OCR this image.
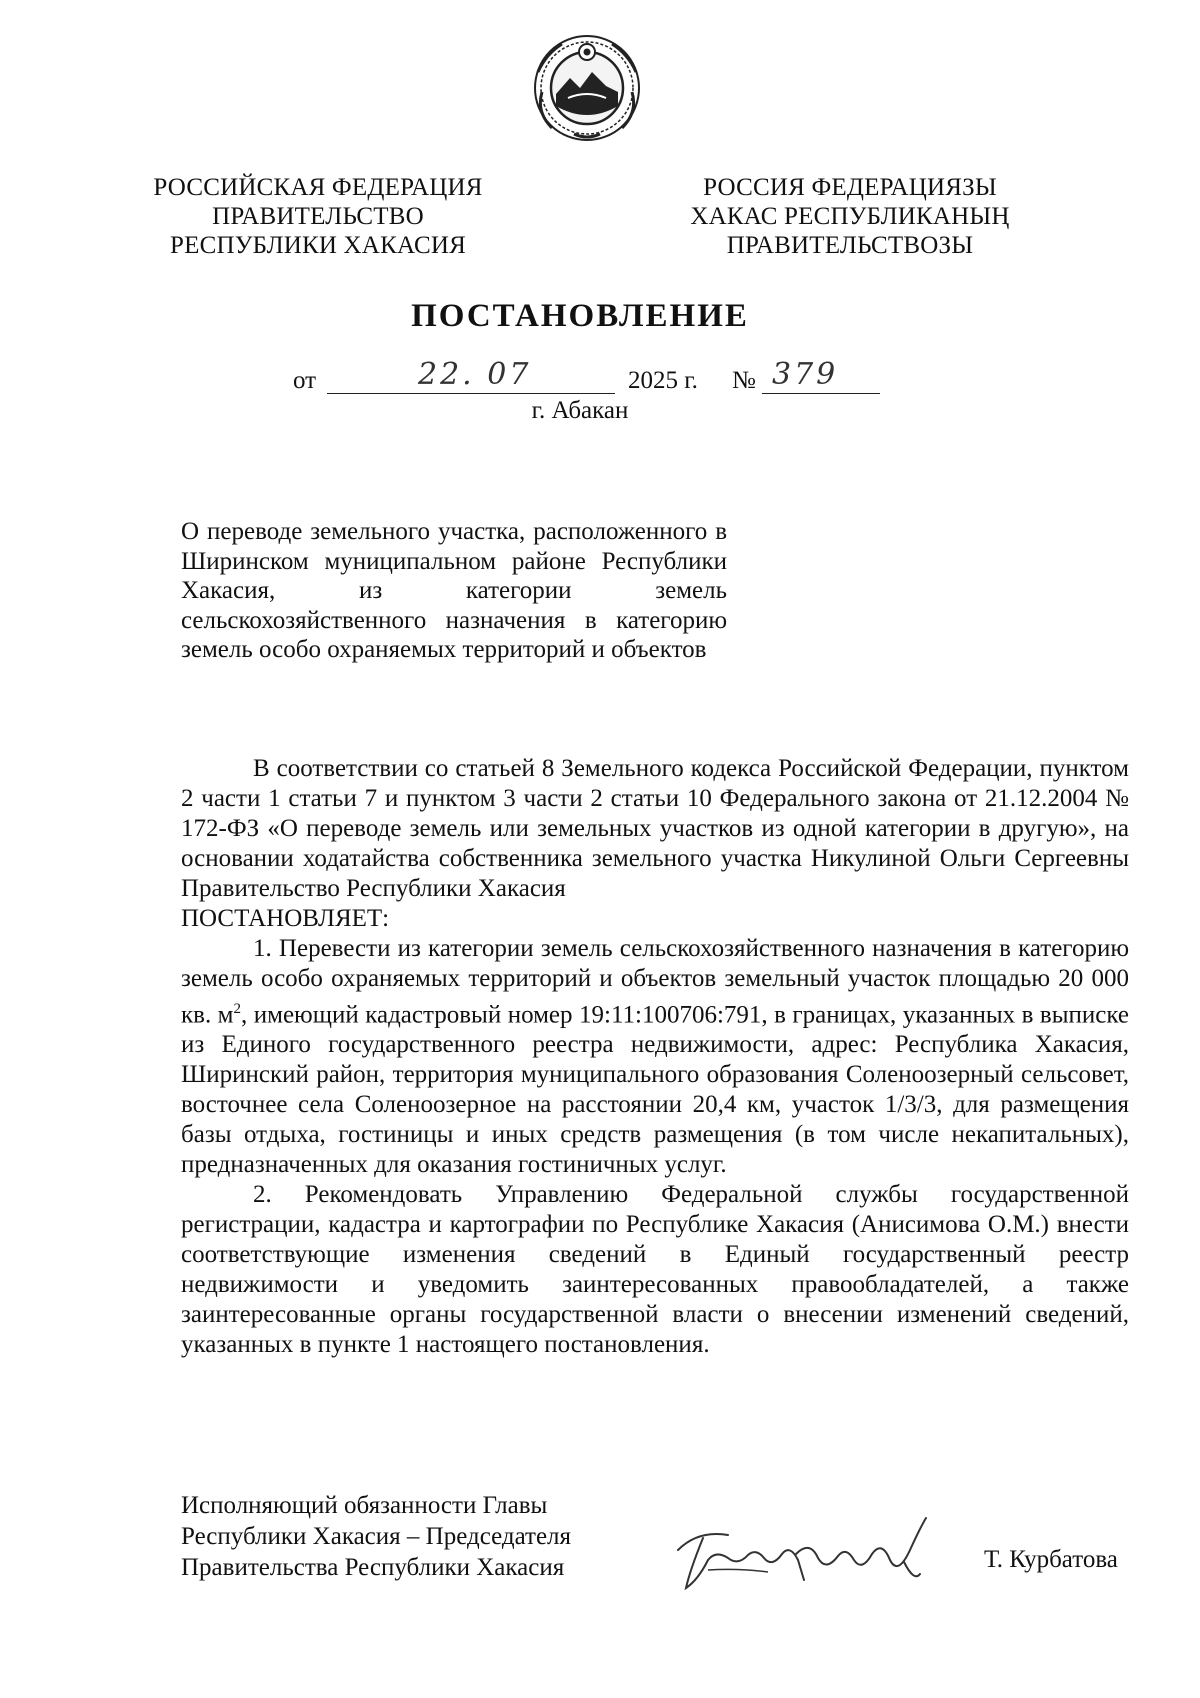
РОССИЙСКАЯ ФЕДЕРАЦИЯ
ПРАВИТЕЛЬСТВО
РЕСПУБЛИКИ ХАКАСИЯ
РОССИЯ ФЕДЕРАЦИЯЗЫ
ХАКАС РЕСПУБЛИКАНЫҢ
ПРАВИТЕЛЬСТВОЗЫ
ПОСТАНОВЛЕНИЕ
от	22. 07	2025 г. № 379
г. Абакан
О переводе земельного участка, расположенного в Ширинском муниципальном районе Республики Хакасия, из категории земель сельскохозяйственного назначения в категорию земель особо охраняемых территорий и объектов

В соответствии со статьей 8 Земельного кодекса Российской Федерации, пунктом 2 части 1 статьи 7 и пунктом 3 части 2 статьи 10 Федерального закона от 21.12.2004 № 172-ФЗ «О переводе земель или земельных участков из одной категории в другую», на основании ходатайства собственника земельного участка Никулиной Ольги Сергеевны Правительство Республики Хакасия
ПОСТАНОВЛЯЕТ:

1. Перевести из категории земель сельскохозяйственного назначения в категорию земель особо охраняемых территорий и объектов земельный участок площадью 20 000 кв. $м^2$, имеющий кадастровый номер 19:11:100706:791, в границах, указанных в выписке из Единого государственного реестра недвижимости, адрес: Республика Хакасия, Ширинский район, территория муниципального образования Соленоозерный сельсовет, восточнее села Соленоозерное на расстоянии 20,4 км, участок 1/3/3, для размещения базы отдыха, гостиницы и иных средств размещения (в том числе некапитальных), предназначенных для оказания гостиничных услуг.

2. Рекомендовать Управлению Федеральной службы государственной регистрации, кадастра и картографии по Республике Хакасия (Анисимова О.М.) внести соответствующие изменения сведений в Единый государственный реестр недвижимости и уведомить заинтересованных правообладателей, а также заинтересованные органы государственной власти о внесении изменений сведений, указанных в пункте 1 настоящего постановления.

Исполняющий обязанности Главы
Республики Хакасия – Председателя
Правительства Республики Хакасия	Т. Курбатова
